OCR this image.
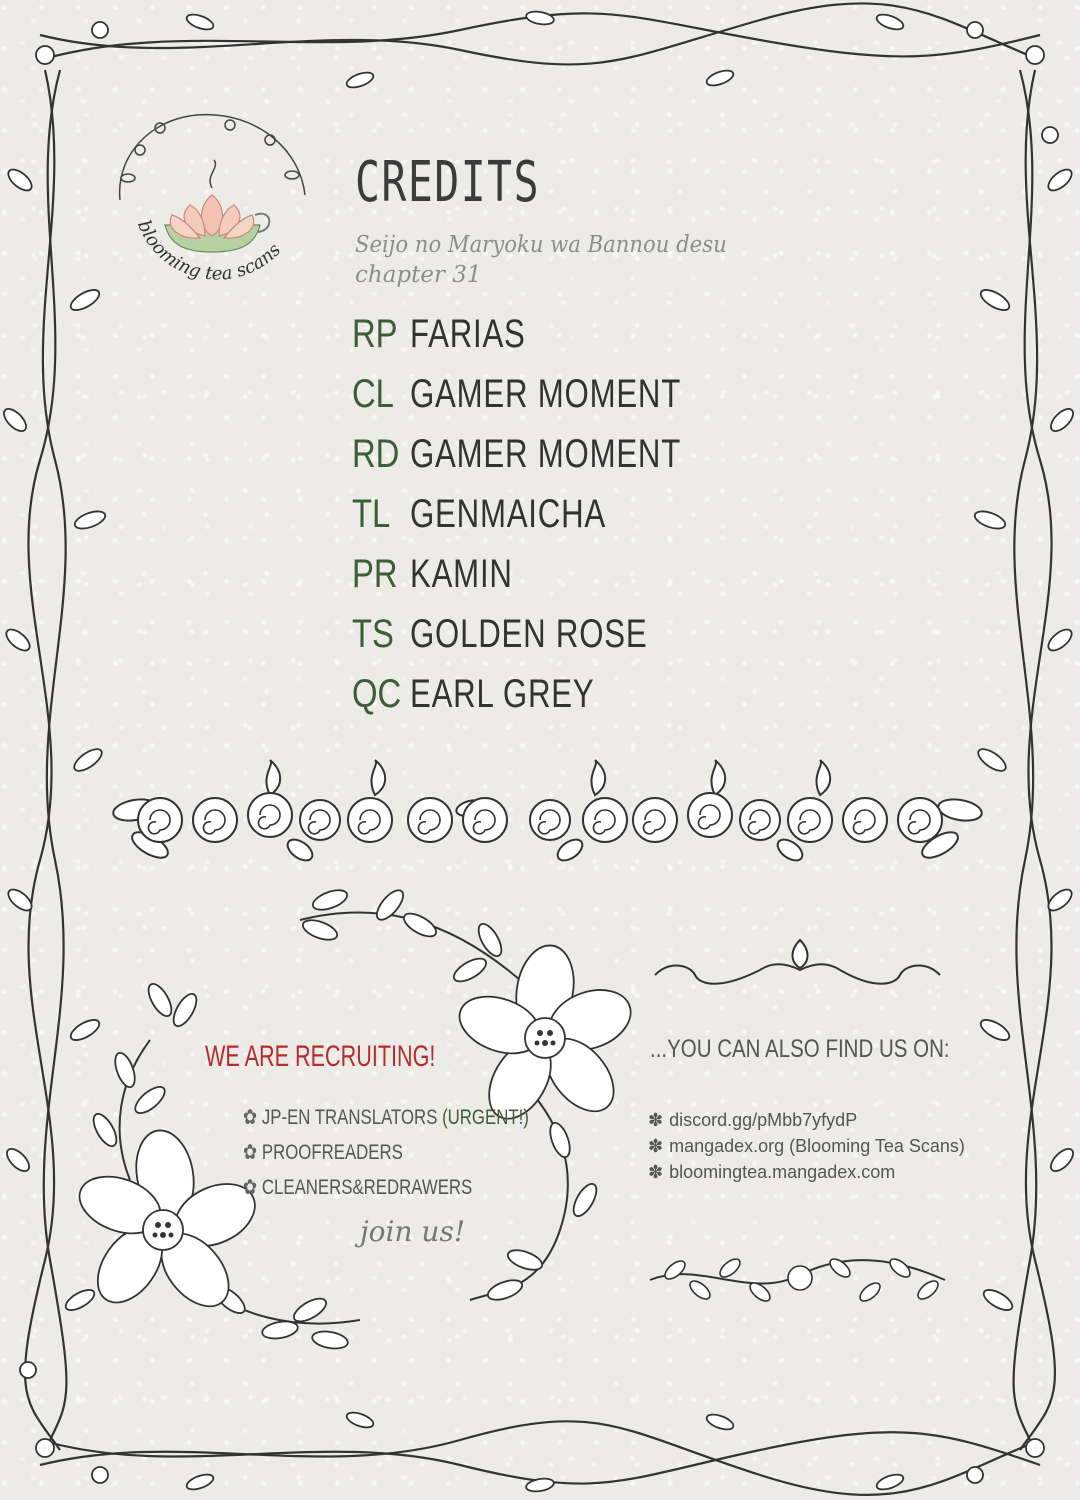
blooming tea scans
CREDITS
Seijo no Maryoku wa Bannou desu
chapter 31
RP FARIAS
CL GAMER MOMENT
RD GAMER MOMENT
TL GENMAICHA
PR KAMIN
TS GOLDEN ROSE
QC EARL GREY
WE ARE RECRUITING!
✿ JP-EN TRANSLATORS (URGENT!)
✿ PROOFREADERS
✿ CLEANERS&REDRAWERS
join us!
...YOU CAN ALSO FIND US ON:
✽ discord.gg/pMbb7yfydP
✽ mangadex.org (Blooming Tea Scans)
✽ bloomingtea.mangadex.com
